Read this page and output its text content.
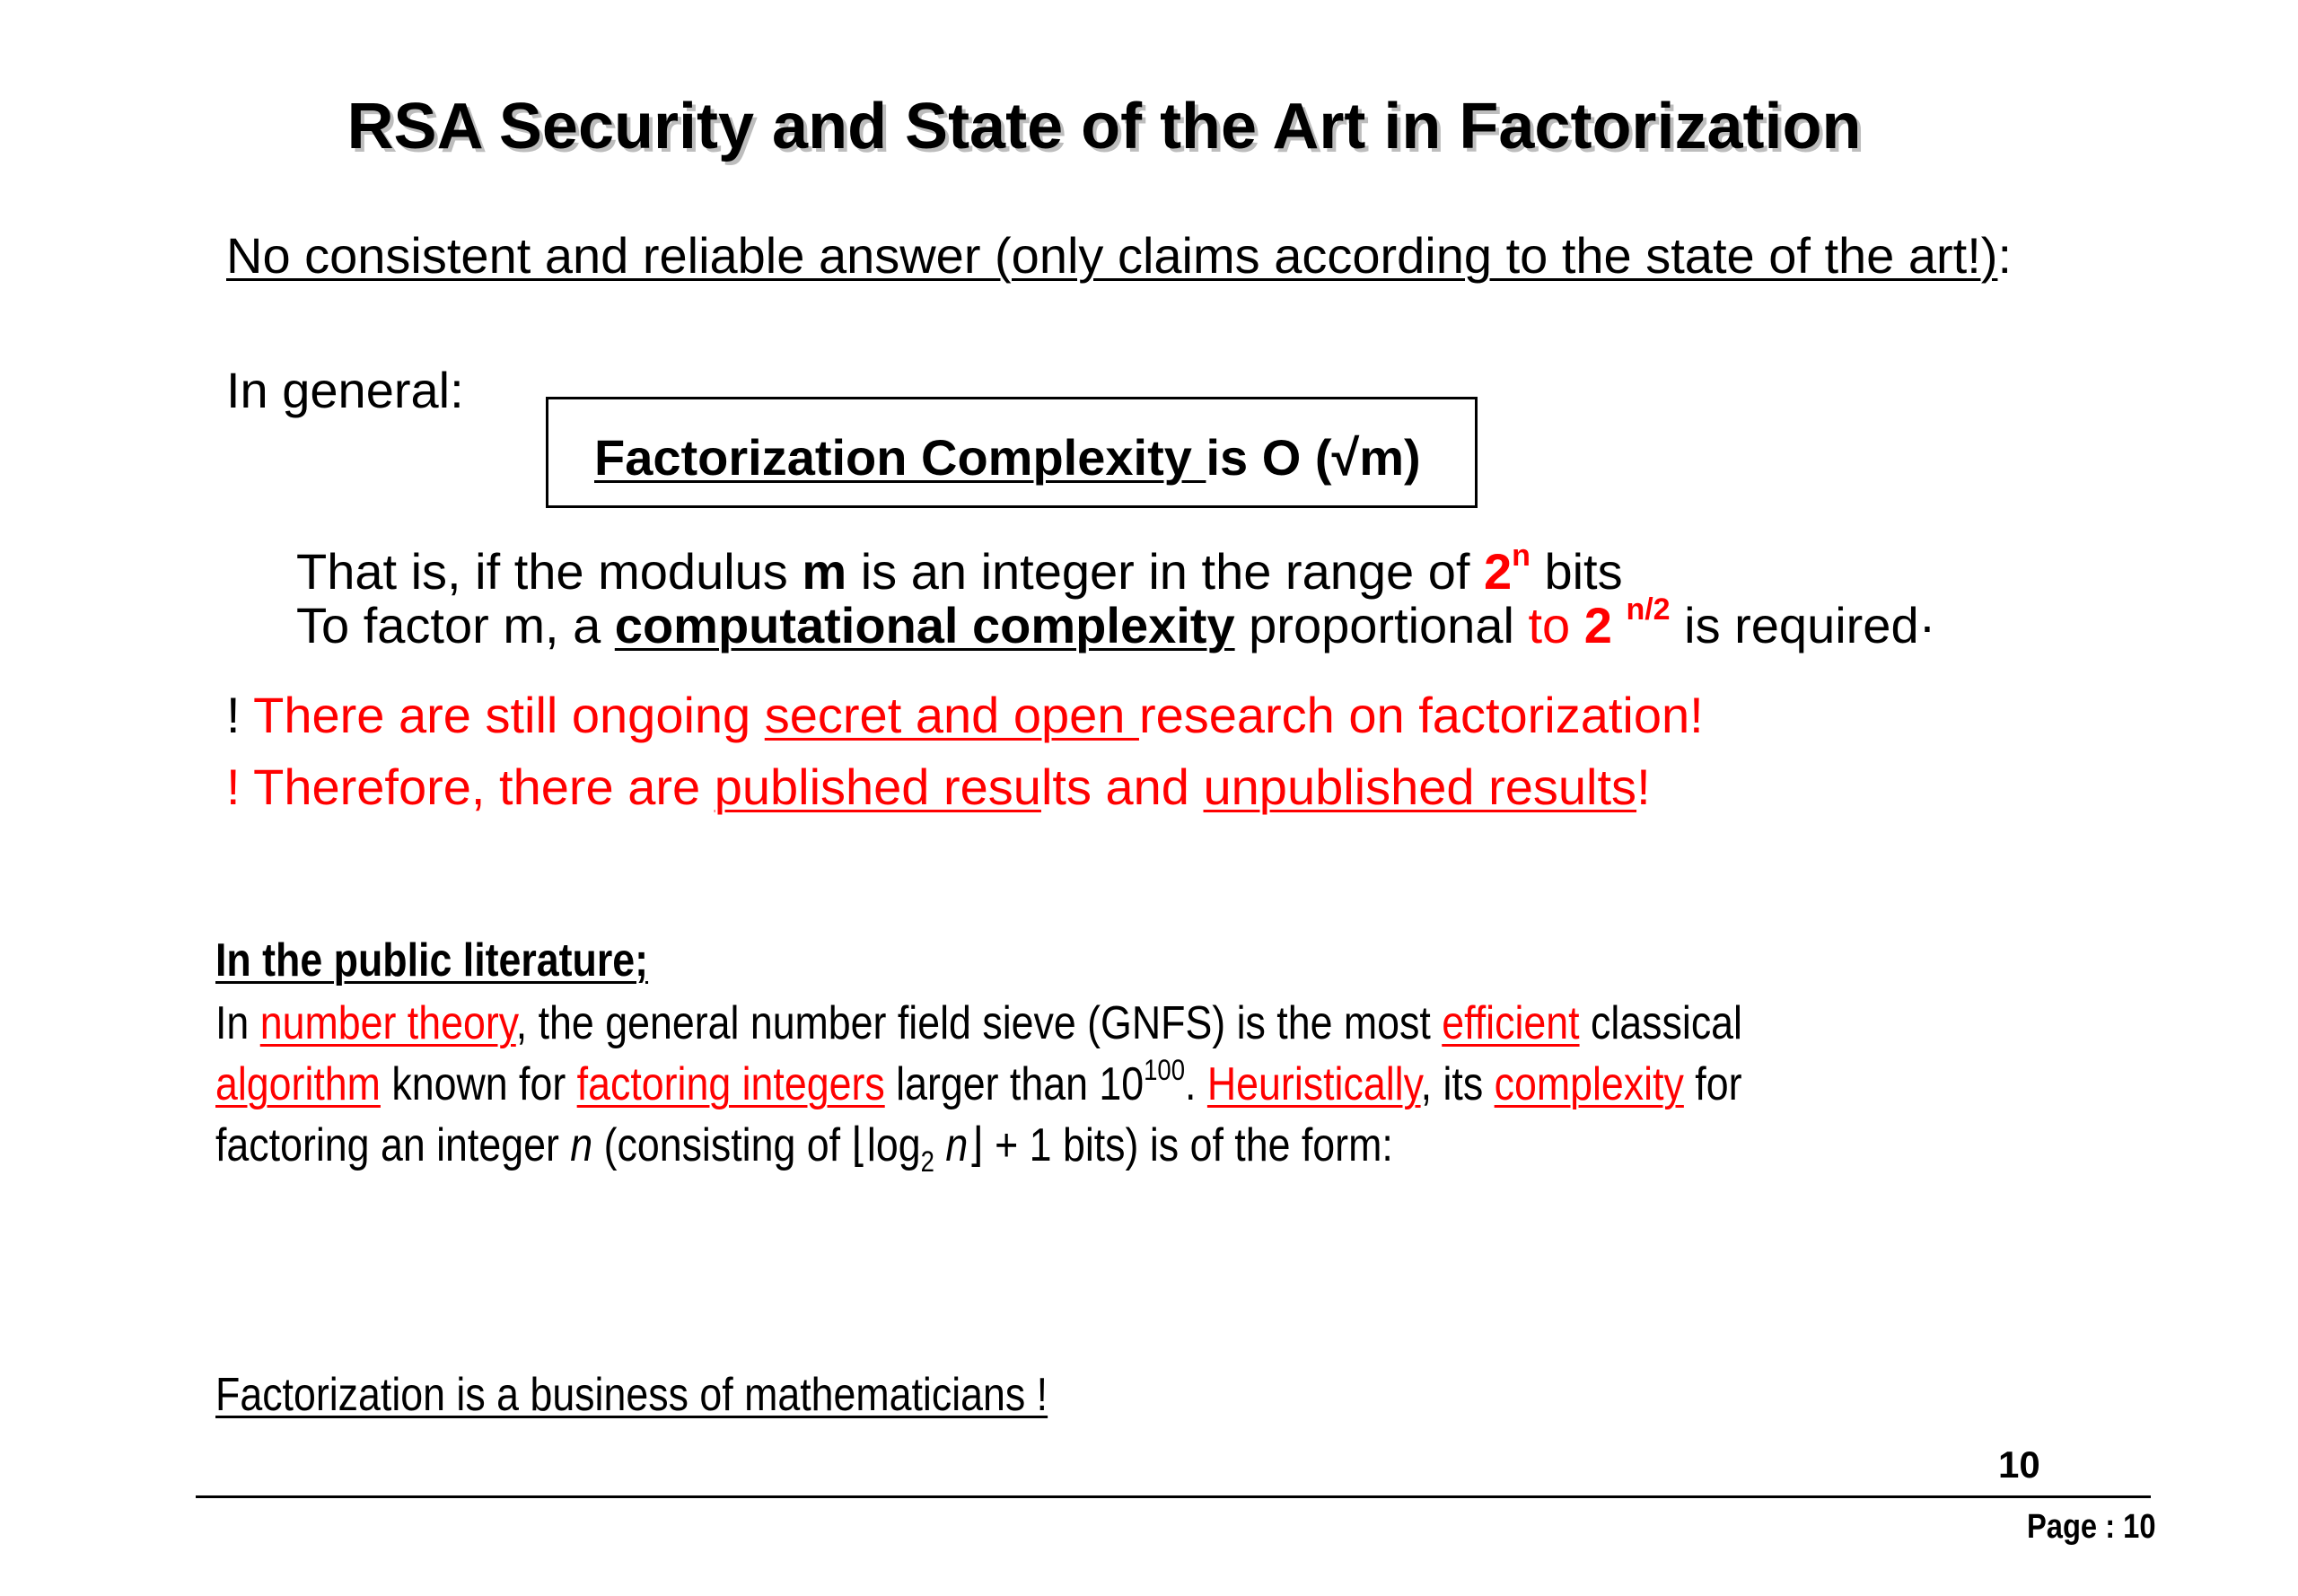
RSA Security and State of the Art in Factorization
No consistent and reliable answer (only claims according to the state of the art!):
In general:
Factorization Complexity is O (√m)
That is, if the modulus m is an integer in the range of 2$^n$ bits
To factor m, a computational complexity proportional to 2 $^{n/2}$ is required·
! There are still ongoing secret and open research on factorization!
! Therefore, there are published results and unpublished results!
In the public literature;
In number theory, the general number field sieve (GNFS) is the most efficient classical
algorithm known for factoring integers larger than $10^{100}$. Heuristically, its complexity for
factoring an integer n (consisting of $⌊\log_2$ n⌋ + 1 bits) is of the form:
Factorization is a business of mathematicians !
10
Page : 10
